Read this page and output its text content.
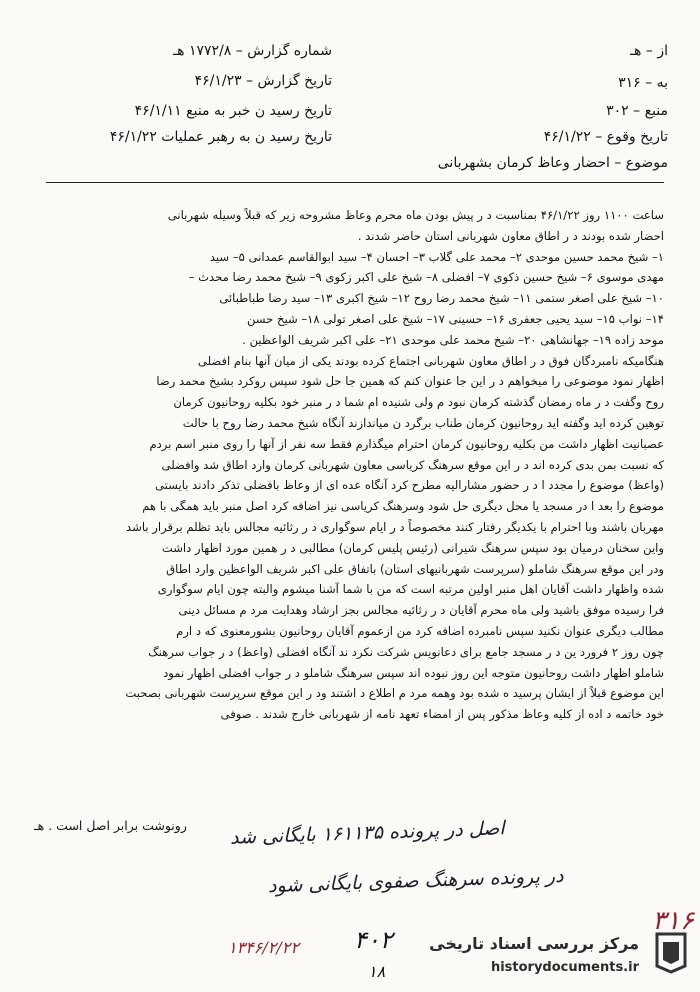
شماره گزارش – ۱۷۷۲/۸ هـ
تاریخ گزارش – ۴۶/۱/۲۳
تاریخ رسید ن خبر به منبع ۴۶/۱/۱۱
تاریخ رسید ن به رهبر عملیات ۴۶/۱/۲۲
از – هـ
به – ۳۱۶
منبع – ۳۰۲
تاریخ وقوع – ۴۶/۱/۲۲
موضوع – احضار وعاظ کرمان بشهربانی
ساعت ۱۱۰۰ روز ۴۶/۱/۲۲ بمناسبت د ر پیش بودن ماه محرم وعاظ مشروحه زیر که قبلاً وسیله شهربانی
احضار شده بودند د ر اطاق معاون شهربانی استان حاضر شدند .
۱– شیخ محمد حسین موحدی ۲– محمد علی گلاب ۳– احسان ۴– سید ابوالقاسم عمدانی ۵– سید
مهدی موسوی ۶– شیخ حسین ذکوی ۷– افضلی ۸– شیخ علی اکبر زکوی ۹– شیخ محمد رضا محدث –
۱۰– شیخ علی اصغر ستمی ۱۱– شیخ محمد رضا روح ۱۲– شیخ اکبری ۱۳– سید رضا طباطبائی
۱۴– نواب ۱۵– سید یحیی جعفری ۱۶– حسینی ۱۷– شیخ علی اصغر تولی ۱۸– شیخ حسن
موحد زاده ۱۹– جهانشاهی ۲۰– شیخ محمد علی موحدی ۲۱– علی اکبر شریف الواعظین .
هنگامیکه نامبردگان فوق د ر اطاق معاون شهربانی اجتماع کرده بودند یکی از میان آنها بنام افضلی
اظهار نمود موضوعی را میخواهم د ر این جا عنوان کنم که همین جا حل شود سپس روکرد بشیخ محمد رضا
روح وگفت د ر ماه رمضان گذشته کرمان نبود م ولی شنیده ام شما د ر منبر خود بکلیه روحانیون کرمان
توهین کرده اید وگفته اید روحانیون کرمان طناب برگرد ن میاندازند آنگاه شیخ محمد رضا روح با حالت
عصبانیت اظهار داشت من بکلیه روحانیون کرمان احترام میگذارم فقط سه نفر از آنها را روی منبر اسم بردم
که نسبت بمن بدی کرده اند د ر این موقع سرهنگ کریاسی معاون شهربانی کرمان وارد اطاق شد وافضلی
(واعظ) موضوع را مجدد ا د ر حضور مشارالیه مطرح کرد آنگاه عده ای از وعاظ بافضلی تذکر دادند بایستی
موضوع را بعد ا در مسجد یا محل دیگری حل شود وسرهنگ کریاسی نیز اضافه کرد اصل منبر باید همگی با هم
مهربان باشند وبا احترام با یکدیگر رفتار کنند مخصوصاً د ر ایام سوگواری د ر رثائیه مجالس باید تظلم برقرار باشد
واین سخنان درمیان بود سپس سرهنگ شیرانی (رئیس پلیس کرمان) مطالبی د ر همین مورد اظهار داشت
ودر این موقع سرهنگ شاملو (سرپرست شهربانیهای استان) باتفاق علی اکبر شریف الواعظین وارد اطاق
شده واظهار داشت آقایان اهل منبر اولین مرتبه است که من با شما آشنا میشوم والبته چون ایام سوگواری
فرا رسیده موفق باشید ولی ماه محرم آقایان د ر رثائیه مجالس بجز ارشاد وهدایت مرد م مسائل دینی
مطالب دیگری عنوان نکنید سپس نامبرده اضافه کرد من ازعموم آقایان روحانیون بشورمعنوی که د ارم
چون روز ۲ فرورد ین د ر مسجد جامع برای دعانویس شرکت نکرد ند آنگاه افضلی (واعظ) د ر جواب سرهنگ
شاملو اظهار داشت روحانیون متوجه این روز نبوده اند سپس سرهنگ شاملو د ر جواب افضلی اظهار نمود
این موضوع قبلاً از ایشان پرسید ه شده بود وهمه مرد م اطلاع د اشتند ود ر این موقع سرپرست شهربانی بصحبت
خود خاتمه د اده از کلیه وعاظ مذکور پس از امضاء تعهد نامه از شهربانی خارج شدند . صوفی
رونوشت برابر اصل است . هـ اصل در پرونده ۱۶۱۱۳۵ بایگانی شد
در پرونده سرهنگ صفوی بایگانی شود
۴۰۲
۱۸
۱۳۴۶/۲/۲۲
۳۱۶
مرکز بررسی اسناد تاریخی
historydocuments.ir
